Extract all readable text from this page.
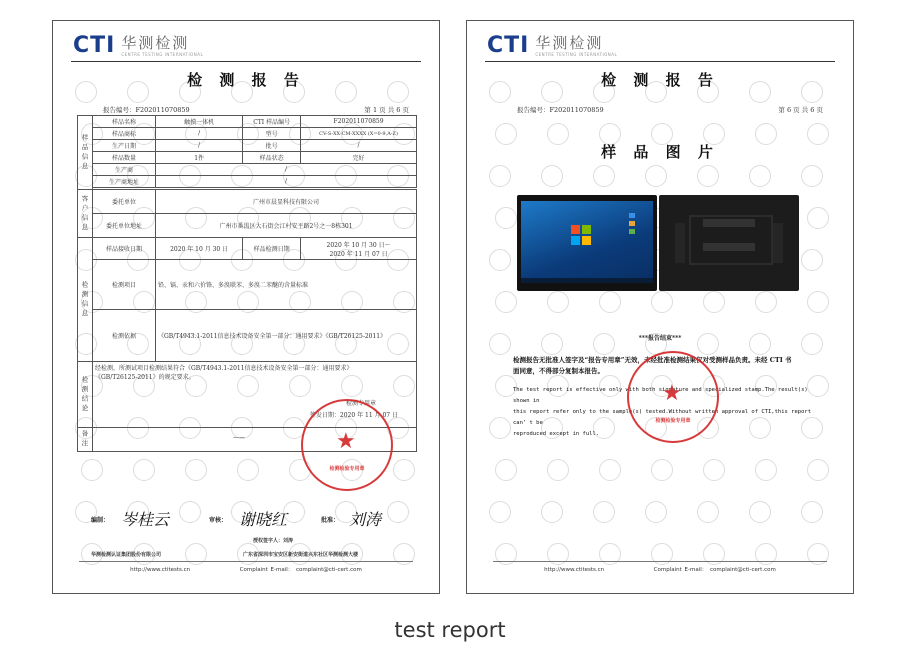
CTI 华测检测
CENTRE TESTING INTERNATIONAL
检 测 报 告
报告编号：F202011070859	第 1 页 共 6 页
样品信息	样品名称	触摸一体机	CTI 样品编号	F202011070859
	样品商标	/	型号	CV-S-XX-CM-XXXX (X=0-9,A-Z)
	生产日期	/	批号	/
	样品数量	1件	样品状态	完好
	生产商	/		
	生产商地址	/		

客户信息	委托单位	广州市晨显科技有限公司		
	委托单位地址	广州市番禺区大石街会江村安平路2号之一8栋301		
检测信息	样品接收日期	2020 年 10 月 30 日	样品检测日期	2020 年 10 月 30 日～
2020 年 11 月 07 日

	检测项目	铅、镉、汞和六价铬、多溴联苯、多溴二苯醚的含量标准		
	检测依据	《GB/T4943.1-2011信息技术设备安全第一部分：通用要求》《GB/T26125-2011》		
检测结论	经检测，所测试项目检测结果符合《GB/T4943.1-2011信息技术设备安全第一部分：通用要求》
《GB/T26125-2011》的规定要求。
检测专用章
签发日期：2020 年 11 月 07 日			

备注	——				★
检测检验专用章
编制： 岑桂云	审核： 谢晓红	批准： 刘涛
授权签字人：刘涛
华测检测认证集团股份有限公司	广东省深圳市宝安区新安街道兴东社区华测检测大楼
http://www.ctitests.cn	Complaint E-mail： complaint@cti-cert.com
CTI 华测检测
CENTRE TESTING INTERNATIONAL
检 测 报 告
报告编号：F202011070859	第 6 页 共 6 页
样 品 图 片
***报告结束***
检测报告无批准人签字及“报告专用章”无效，未经批准检测结果仅对受测样品负责。未经 CTI 书
面同意，不得部分复制本报告。
The test report is effective only with both signature and specialized stamp.The result(s) shown in
this report refer only to the sample(s) tested.Without written approval of CTI,this report can’ t be
reproduced except in full.
★
检测检验专用章
http://www.ctitests.cn	Complaint E-mail： complaint@cti-cert.com
test report
